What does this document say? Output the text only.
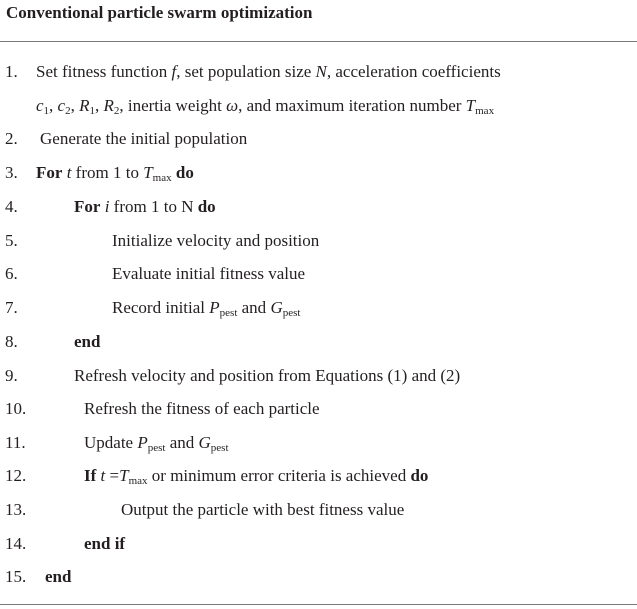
Conventional particle swarm optimization
1. Set fitness function f, set population size N, acceleration coefficients
$c_1$, $c_2$, $R_1$, $R_2$, inertia weight ω, and maximum iteration number $T_{max}$
2. Generate the initial population
3. For t from 1 to $T_{max}$ do
4.	For i from 1 to N do
5.	Initialize velocity and position
6.	Evaluate initial fitness value
7.	Record initial $P_{pest}$ and $G_{pest}$
8.	end
9.	Refresh velocity and position from Equations (1) and (2)
10.	Refresh the fitness of each particle
11.	Update $P_{pest}$ and $G_{pest}$
12.	If $t =T_{max}$ or minimum error criteria is achieved do
13.	Output the particle with best fitness value
14.	end if
15. end
